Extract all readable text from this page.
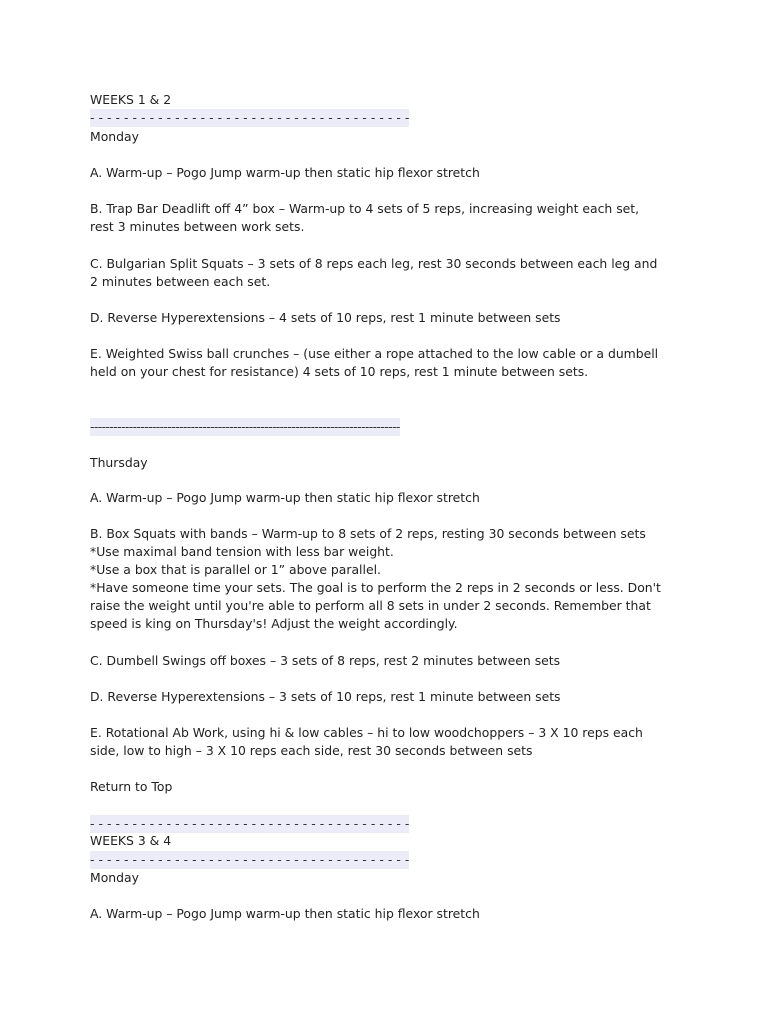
WEEKS 1 & 2
- - - - - - - - - - - - - - - - - - - - - - - - - - - - - - - - - - - - - -
Monday
A. Warm-up – Pogo Jump warm-up then static hip flexor stretch
B. Trap Bar Deadlift off 4” box – Warm-up to 4 sets of 5 reps, increasing weight each set,
rest 3 minutes between work sets.
C. Bulgarian Split Squats – 3 sets of 8 reps each leg, rest 30 seconds between each leg and
2 minutes between each set.
D. Reverse Hyperextensions – 4 sets of 10 reps, rest 1 minute between sets
E. Weighted Swiss ball crunches – (use either a rope attached to the low cable or a dumbell
held on your chest for resistance) 4 sets of 10 reps, rest 1 minute between sets.
--------------------------------------------------------------------------------
Thursday
A. Warm-up – Pogo Jump warm-up then static hip flexor stretch
B. Box Squats with bands – Warm-up to 8 sets of 2 reps, resting 30 seconds between sets
*Use maximal band tension with less bar weight.
*Use a box that is parallel or 1” above parallel.
*Have someone time your sets. The goal is to perform the 2 reps in 2 seconds or less. Don't
raise the weight until you're able to perform all 8 sets in under 2 seconds. Remember that
speed is king on Thursday's! Adjust the weight accordingly.
C. Dumbell Swings off boxes – 3 sets of 8 reps, rest 2 minutes between sets
D. Reverse Hyperextensions – 3 sets of 10 reps, rest 1 minute between sets
E. Rotational Ab Work, using hi & low cables – hi to low woodchoppers – 3 X 10 reps each
side, low to high – 3 X 10 reps each side, rest 30 seconds between sets
Return to Top
- - - - - - - - - - - - - - - - - - - - - - - - - - - - - - - - - - - - - -
WEEKS 3 & 4
- - - - - - - - - - - - - - - - - - - - - - - - - - - - - - - - - - - - - -
Monday
A. Warm-up – Pogo Jump warm-up then static hip flexor stretch
